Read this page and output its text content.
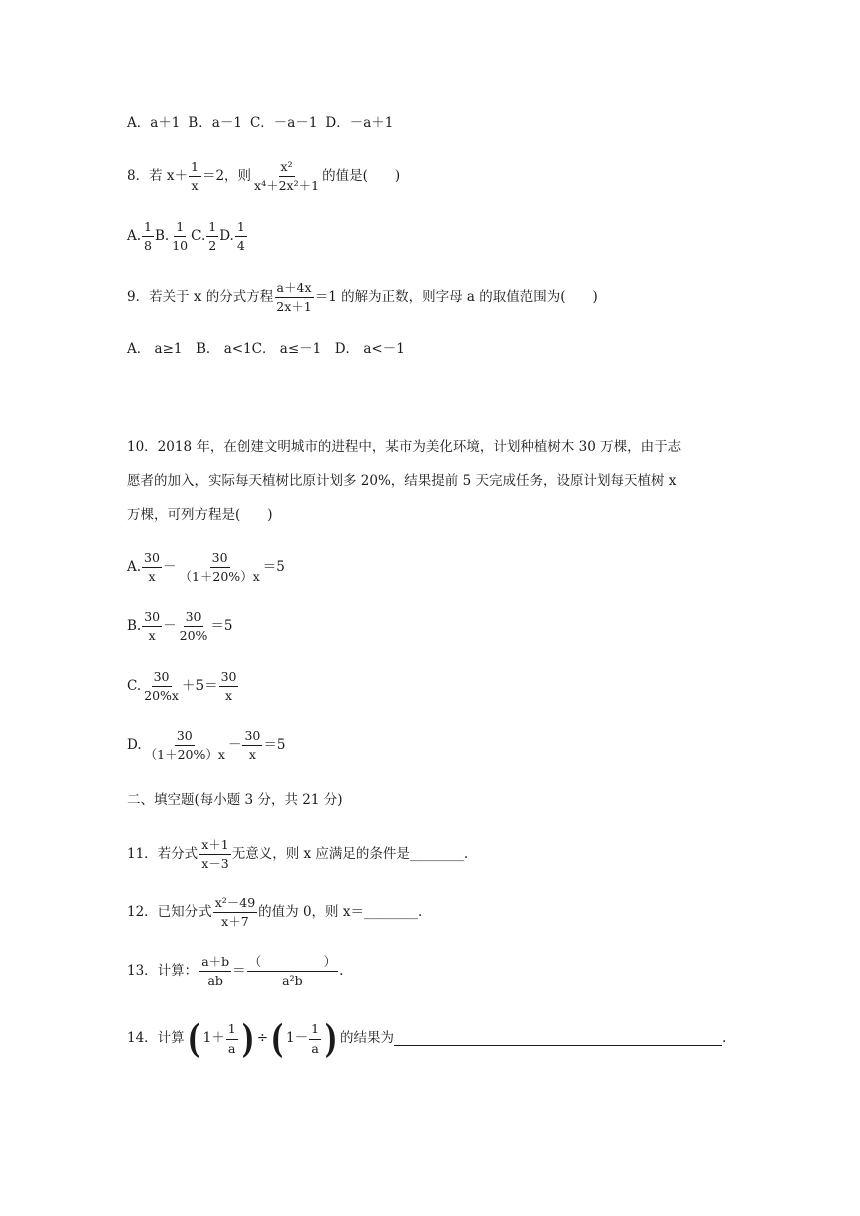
A．a＋1 B．a－1 C．－a－1 D．－a＋1
8．若 $x+ \frac{1}{x} =2$，则 $\frac{\text{x²}}{\text{x⁴＋2x²＋1}}$ 的值是(　　)
A. $\frac{1}{8} B$. $\frac{1}{10} C$. $\frac{1}{2} D$. $\frac{1}{4}$
9．若关于 x 的分式方程 $\frac{a+4x}{2x+1} =1$ 的解为正数，则字母 a 的取值范围为(　　)
A． a≥1　B． a<1C． a≤－1　D． a<－1
10．2018 年，在创建文明城市的进程中，某市为美化环境，计划种植树木 30 万棵，由于志
愿者的加入，实际每天植树比原计划多 20%，结果提前 5 天完成任务，设原计划每天植树 x
万棵，可列方程是(　　)
A. $\frac{30}{x} - \frac{30}{(1+20\%)x} =5$
B. $\frac{30}{x} - \frac{30}{20\%} =5$
C. $\frac{30}{20\%x} +5= \frac{30}{x}$
D. $\frac{30}{(1+20\%)x} - \frac{30}{x} =5$
二、填空题(每小题 3 分，共 21 分)
11．若分式 $\frac{x+1}{x-3}$ 无意义，则 x 应满足的条件是________.
12．已知分式 $\frac{\text{x²－49}}{x+7}$ 的值为 0，则 x＝________.
13．计算： $\frac{a+b}{ab} = \frac{( )}{\text{a²b}}$ .
14．计算 ( $1+ \frac{1}{a}$ ) ÷ ( $1- \frac{1}{a}$ ) 的结果为	.
